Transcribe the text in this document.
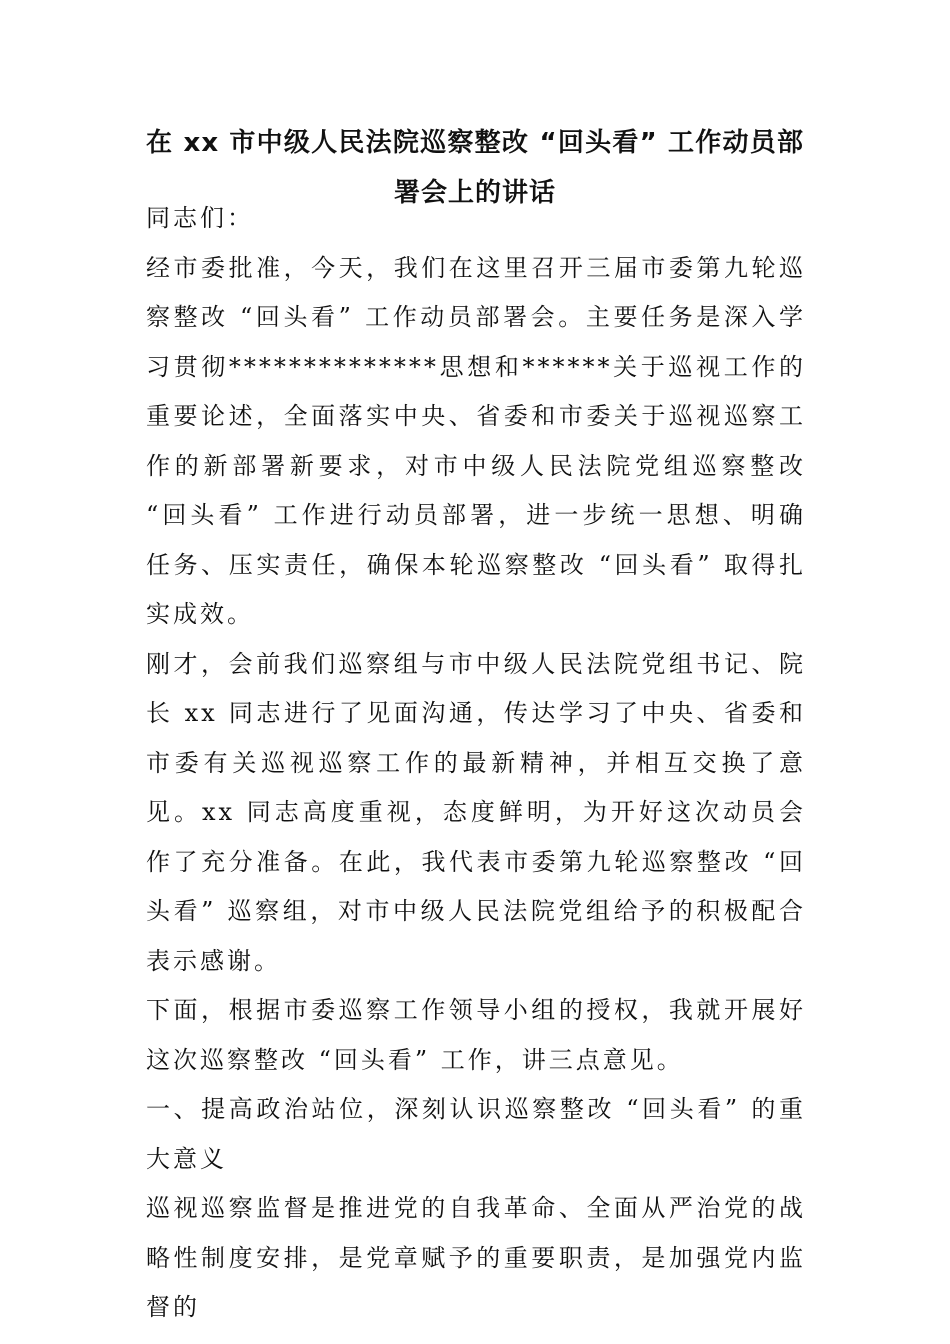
在 xx 市中级人民法院巡察整改 “回头看” 工作动员部署会上的讲话

同志们：

经市委批准，今天，我们在这里召开三届市委第九轮巡察整改 “回头看” 工作动员部署会。主要任务是深入学习贯彻**************思想和******关于巡视工作的重要论述，全面落实中央、省委和市委关于巡视巡察工作的新部署新要求，对市中级人民法院党组巡察整改 “回头看” 工作进行动员部署，进一步统一思想、明确任务、压实责任，确保本轮巡察整改 “回头看” 取得扎实成效。

刚才，会前我们巡察组与市中级人民法院党组书记、院长 xx 同志进行了见面沟通，传达学习了中央、省委和市委有关巡视巡察工作的最新精神，并相互交换了意见。xx 同志高度重视，态度鲜明，为开好这次动员会作了充分准备。在此，我代表市委第九轮巡察整改 “回头看” 巡察组，对市中级人民法院党组给予的积极配合表示感谢。

下面，根据市委巡察工作领导小组的授权，我就开展好这次巡察整改 “回头看” 工作，讲三点意见。

一、提高政治站位，深刻认识巡察整改 “回头看” 的重大意义

巡视巡察监督是推进党的自我革命、全面从严治党的战略性制度安排，是党章赋予的重要职责，是加强党内监督的
